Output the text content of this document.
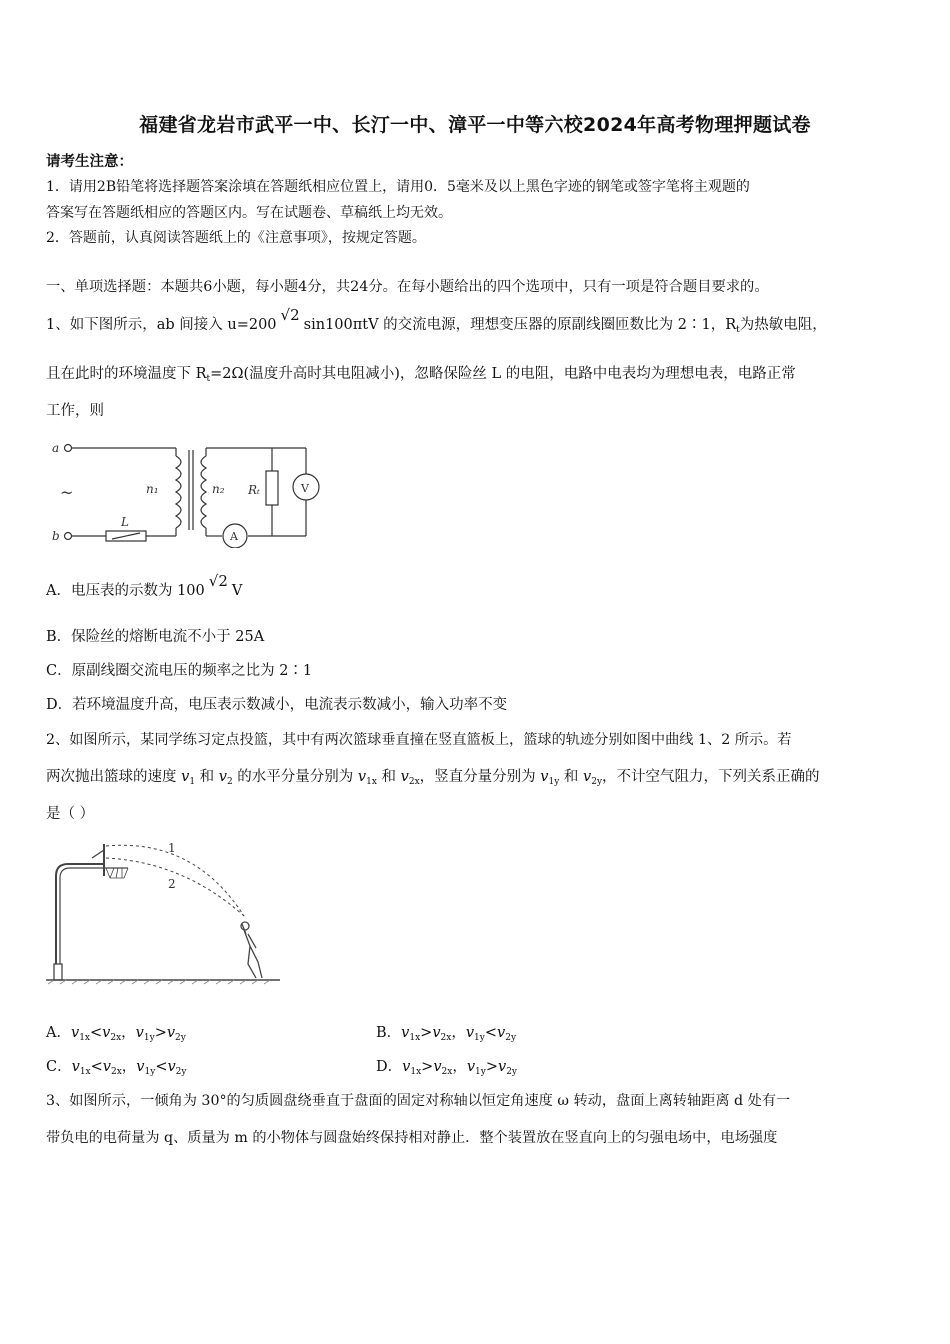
福建省龙岩市武平一中、长汀一中、漳平一中等六校2024年高考物理押题试卷
请考生注意：
1．请用2B铅笔将选择题答案涂填在答题纸相应位置上，请用0．5毫米及以上黑色字迹的钢笔或签字笔将主观题的
答案写在答题纸相应的答题区内。写在试题卷、草稿纸上均无效。
2．答题前，认真阅读答题纸上的《注意事项》，按规定答题。
一、单项选择题：本题共6小题，每小题4分，共24分。在每小题给出的四个选项中，只有一项是符合题目要求的。
1、如下图所示，ab 间接入 u=200√2sin100πtV 的交流电源，理想变压器的原副线圈匝数比为 2∶1，$R_t$为热敏电阻，
且在此时的环境温度下 $R_t=2\Omega$(温度升高时其电阻减小)，忽略保险丝 L 的电阻，电路中电表均为理想电表，电路正常
工作，则
a
b
~	n₁	n₂ Rₜ
L
V
A
A．电压表的示数为 100√2V
B．保险丝的熔断电流不小于 25A
C．原副线圈交流电压的频率之比为 2∶1
D．若环境温度升高，电压表示数减小，电流表示数减小，输入功率不变
2、如图所示，某同学练习定点投篮，其中有两次篮球垂直撞在竖直篮板上，篮球的轨迹分别如图中曲线 1、2 所示。若
两次抛出篮球的速度 $v_1$ 和 $v_2$ 的水平分量分别为 $v_{1x}$ 和 $v_{2x}$，竖直分量分别为 $v_{1y}$ 和 $v_{2y}$，不计空气阻力，下列关系正确的
是（ ）
1
2
A．$v_{1x}<v_{2x}$，$v_{1y}>v_{2y}$	B．$v_{1x}>v_{2x}$，$v_{1y}<v_{2y}$
C．$v_{1x}<v_{2x}$，$v_{1y}<v_{2y}$	D．$v_{1x}>v_{2x}$，$v_{1y}>v_{2y}$
3、如图所示，一倾角为 30°的匀质圆盘绕垂直于盘面的固定对称轴以恒定角速度 ω 转动，盘面上离转轴距离 d 处有一
带负电的电荷量为 q、质量为 m 的小物体与圆盘始终保持相对静止．整个装置放在竖直向上的匀强电场中，电场强度
